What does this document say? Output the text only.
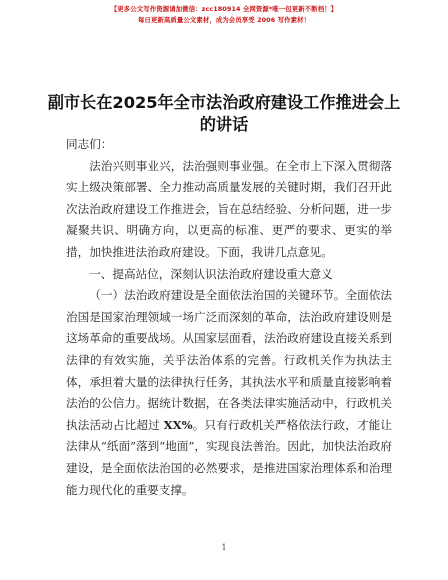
【更多公文写作资源请加微信：zcc180914 全网资源*唯一包更新不断档！】
每日更新高质量公文素材，成为会员享受 2006 写作素材！
副市长在2025年全市法治政府建设工作推进会上的讲话

同志们：

法治兴则事业兴，法治强则事业强。在全市上下深入贯彻落实上级决策部署、全力推动高质量发展的关键时期，我们召开此次法治政府建设工作推进会，旨在总结经验、分析问题，进一步凝聚共识、明确方向，以更高的标准、更严的要求、更实的举措，加快推进法治政府建设。下面，我讲几点意见。

一、提高站位，深刻认识法治政府建设重大意义

（一）法治政府建设是全面依法治国的关键环节。全面依法治国是国家治理领域一场广泛而深刻的革命，法治政府建设则是这场革命的重要战场。从国家层面看，法治政府建设直接关系到法律的有效实施，关乎法治体系的完善。行政机关作为执法主体，承担着大量的法律执行任务，其执法水平和质量直接影响着法治的公信力。据统计数据，在各类法律实施活动中，行政机关执法活动占比超过 XX%。只有行政机关严格依法行政，才能让法律从“纸面”落到“地面”，实现良法善治。因此，加快法治政府建设，是全面依法治国的必然要求，是推进国家治理体系和治理能力现代化的重要支撑。

1
